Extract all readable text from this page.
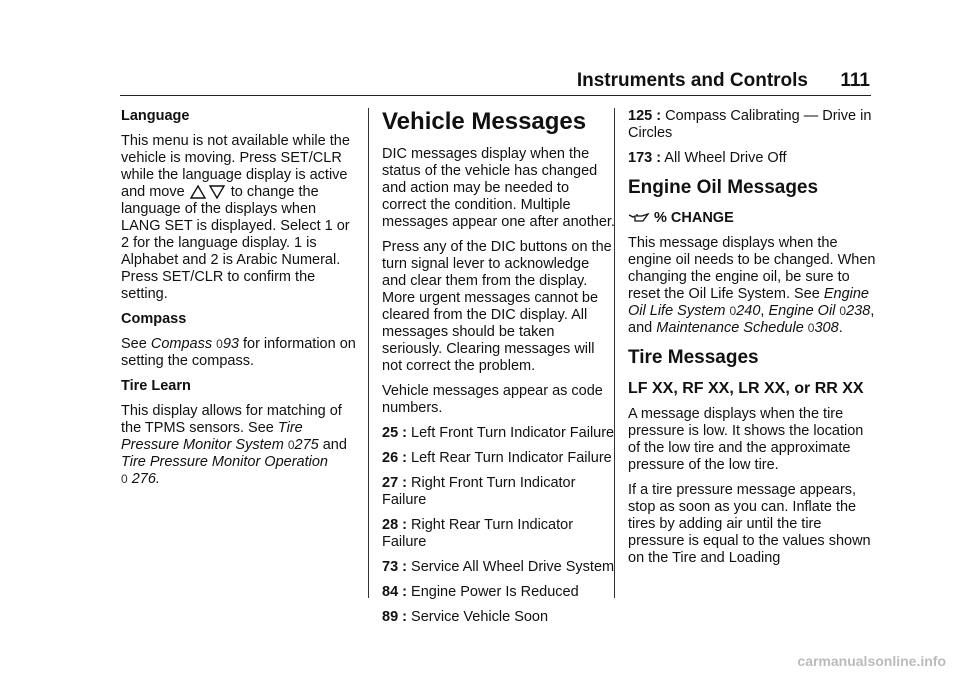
Instruments and Controls 111

Language

This menu is not available while the vehicle is moving. Press SET/CLR while the language display is active and move	to change the language of the displays when LANG SET is displayed. Select 1 or 2 for the language display. 1 is Alphabet and 2 is Arabic Numeral. Press SET/CLR to confirm the setting.

Compass

See Compass 093 for information on setting the compass.

Tire Learn

This display allows for matching of the TPMS sensors. See Tire Pressure Monitor System 0275 and Tire Pressure Monitor Operation
0 276.

Vehicle Messages

DIC messages display when the status of the vehicle has changed and action may be needed to correct the condition. Multiple messages appear one after another.

Press any of the DIC buttons on the turn signal lever to acknowledge and clear them from the display. More urgent messages cannot be cleared from the DIC display. All messages should be taken seriously. Clearing messages will not correct the problem.

Vehicle messages appear as code numbers.

25 : Left Front Turn Indicator Failure

26 : Left Rear Turn Indicator Failure

27 : Right Front Turn Indicator Failure

28 : Right Rear Turn Indicator Failure

73 : Service All Wheel Drive System

84 : Engine Power Is Reduced

89 : Service Vehicle Soon

125 : Compass Calibrating — Drive in Circles

173 : All Wheel Drive Off

Engine Oil Messages

% CHANGE

This message displays when the engine oil needs to be changed. When changing the engine oil, be sure to reset the Oil Life System. See Engine Oil Life System 0240, Engine Oil 0238, and Maintenance Schedule 0308.

Tire Messages
LF XX, RF XX, LR XX, or RR XX

A message displays when the tire pressure is low. It shows the location of the low tire and the approximate pressure of the low tire.

If a tire pressure message appears, stop as soon as you can. Inflate the tires by adding air until the tire pressure is equal to the values shown on the Tire and Loading

carmanualsonline.info
